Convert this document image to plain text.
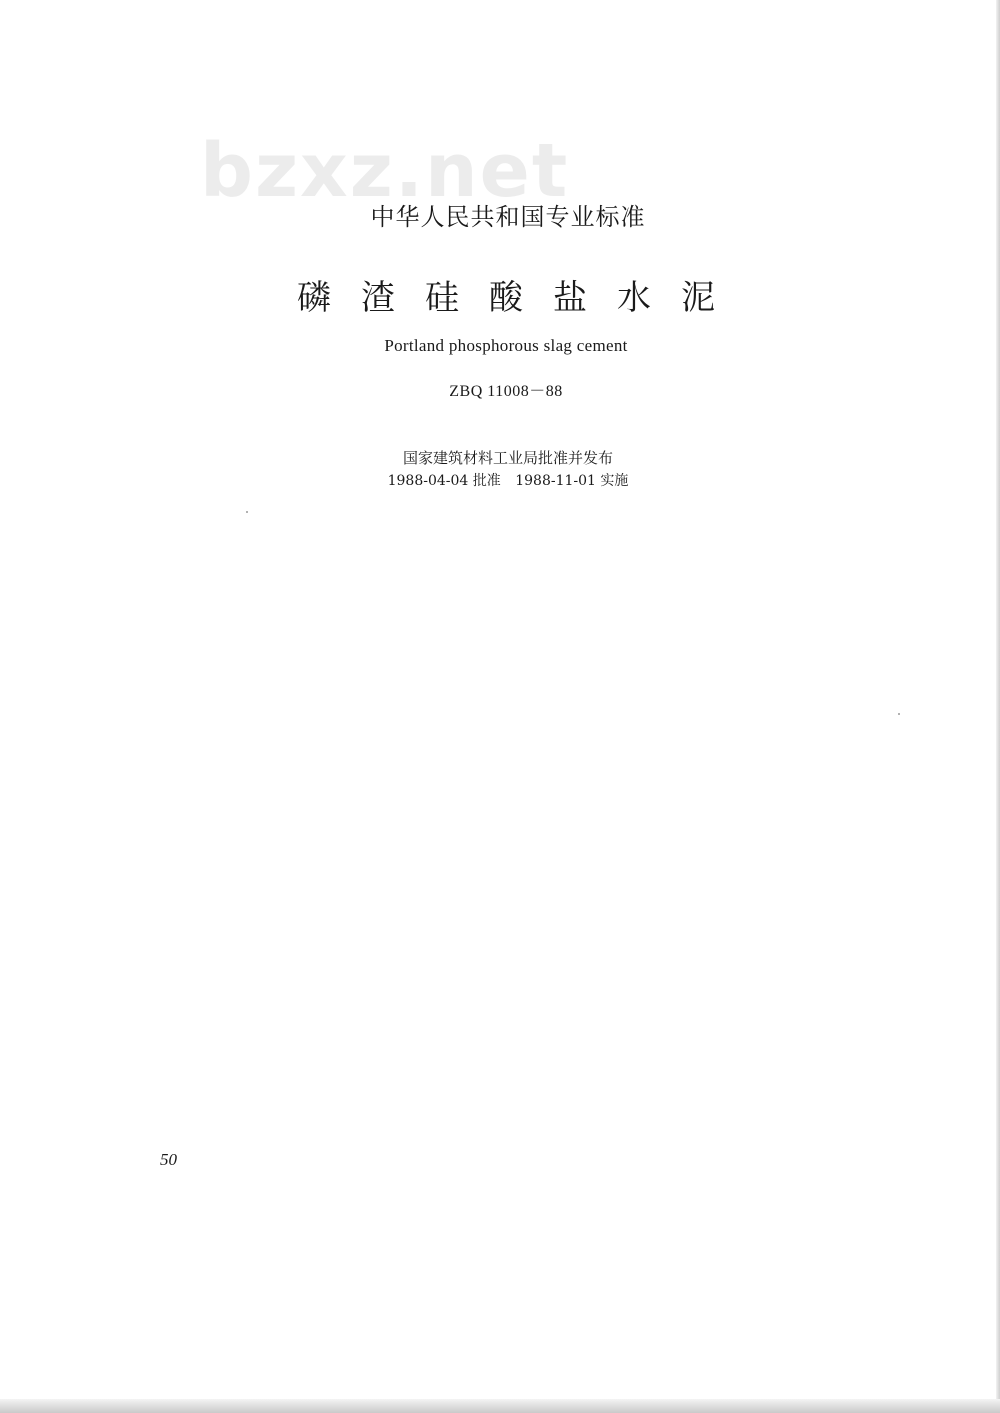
bzxz.net
中华人民共和国专业标准
磷渣硅酸盐水泥
Portland phosphorous slag cement
ZBQ 11008－88
国家建筑材料工业局批准并发布
1988-04-04 批准 1988-11-01 实施
50
